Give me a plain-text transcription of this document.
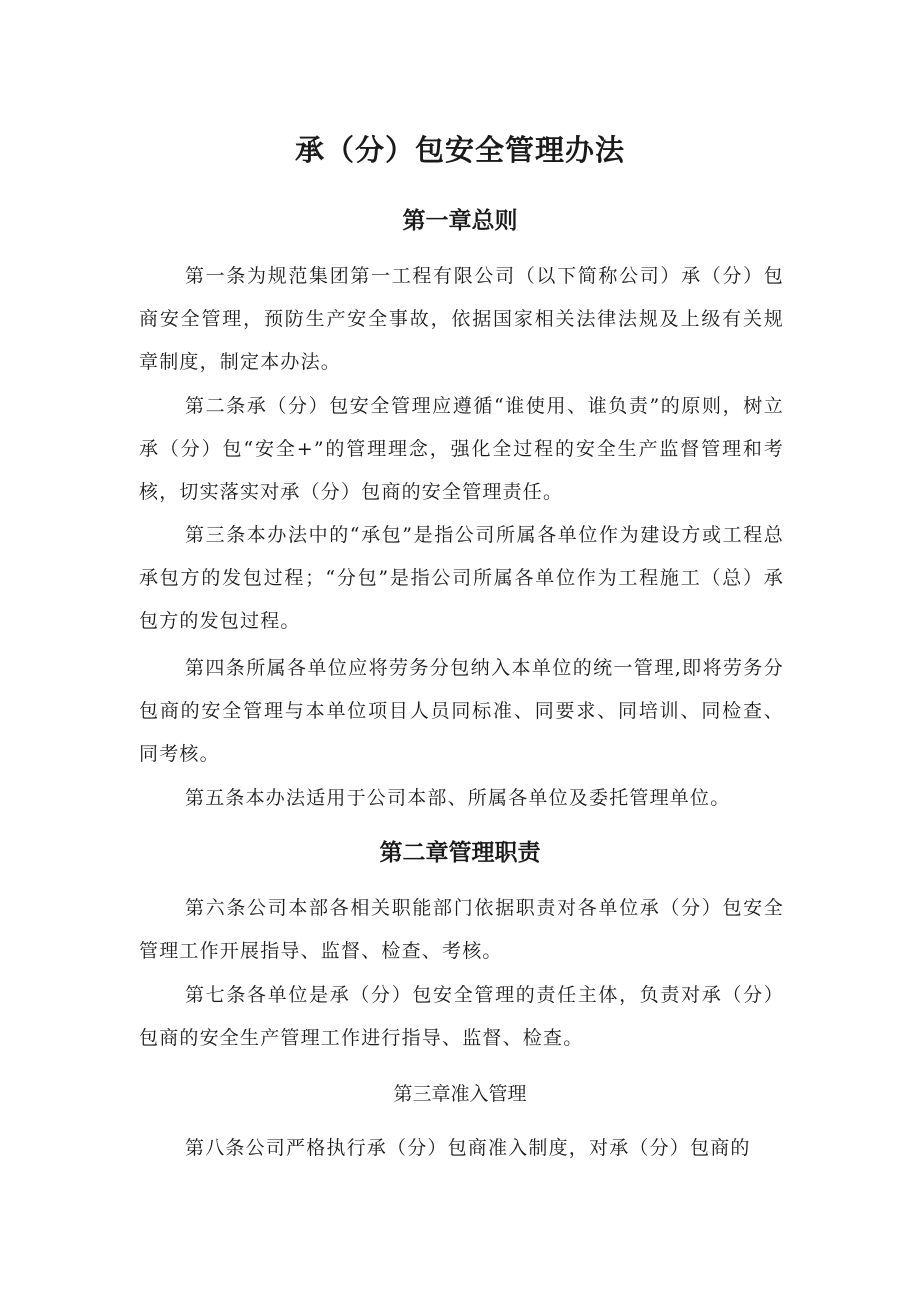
承（分）包安全管理办法
第一章总则

第一条为规范集团第一工程有限公司（以下简称公司）承（分）包商安全管理，预防生产安全事故，依据国家相关法律法规及上级有关规章制度，制定本办法。

第二条承（分）包安全管理应遵循“谁使用、谁负责”的原则，树立承（分）包“安全+”的管理理念，强化全过程的安全生产监督管理和考核，切实落实对承（分）包商的安全管理责任。

第三条本办法中的“承包”是指公司所属各单位作为建设方或工程总承包方的发包过程；“分包”是指公司所属各单位作为工程施工（总）承包方的发包过程。

第四条所属各单位应将劳务分包纳入本单位的统一管理,即将劳务分包商的安全管理与本单位项目人员同标准、同要求、同培训、同检查、同考核。

第五条本办法适用于公司本部、所属各单位及委托管理单位。

第二章管理职责

第六条公司本部各相关职能部门依据职责对各单位承（分）包安全管理工作开展指导、监督、检查、考核。

第七条各单位是承（分）包安全管理的责任主体，负责对承（分）包商的安全生产管理工作进行指导、监督、检查。

第三章准入管理

第八条公司严格执行承（分）包商准入制度，对承（分）包商的
